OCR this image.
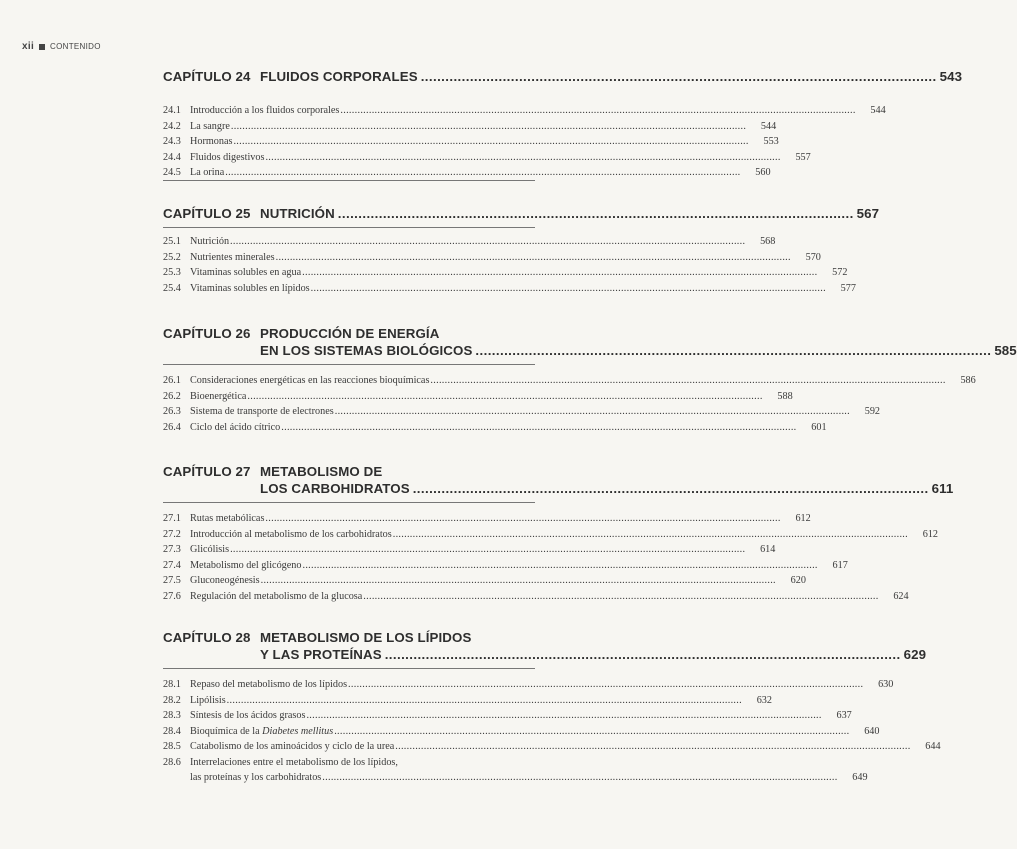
xii CONTENIDO
CAPÍTULO 24 FLUIDOS CORPORALES .....	543
24.1 Introducción a los fluidos corporales .....	544
24.2 La sangre .....	544
24.3 Hormonas .....	553
24.4 Fluidos digestivos .....	557
24.5 La orina .....	560
CAPÍTULO 25 NUTRICIÓN .....	567
25.1 Nutrición .....	568
25.2 Nutrientes minerales .....	570
25.3 Vitaminas solubles en agua .....	572
25.4 Vitaminas solubles en lípidos .....	577
CAPÍTULO 26 PRODUCCIÓN DE ENERGÍA
EN LOS SISTEMAS BIOLÓGICOS .....	585
26.1 Consideraciones energéticas en las reacciones bioquímicas .....	586
26.2 Bioenergética .....	588
26.3 Sistema de transporte de electrones .....	592
26.4 Ciclo del ácido cítrico .....	601
CAPÍTULO 27 METABOLISMO DE
LOS CARBOHIDRATOS .....	611
27.1 Rutas metabólicas .....	612
27.2 Introducción al metabolismo de los carbohidratos .....	612
27.3 Glicólisis .....	614
27.4 Metabolismo del glicógeno .....	617
27.5 Gluconeogénesis .....	620
27.6 Regulación del metabolismo de la glucosa .....	624
CAPÍTULO 28 METABOLISMO DE LOS LÍPIDOS
Y LAS PROTEÍNAS .....	629
28.1 Repaso del metabolismo de los lípidos .....	630
28.2 Lipólisis .....	632
28.3 Síntesis de los ácidos grasos .....	637
28.4 Bioquímica de la Diabetes mellitus .....	640
28.5 Catabolismo de los aminoácidos y ciclo de la urea .....	644
28.6 Interrelaciones entre el metabolismo de los lípidos,
las proteínas y los carbohidratos .....	649
